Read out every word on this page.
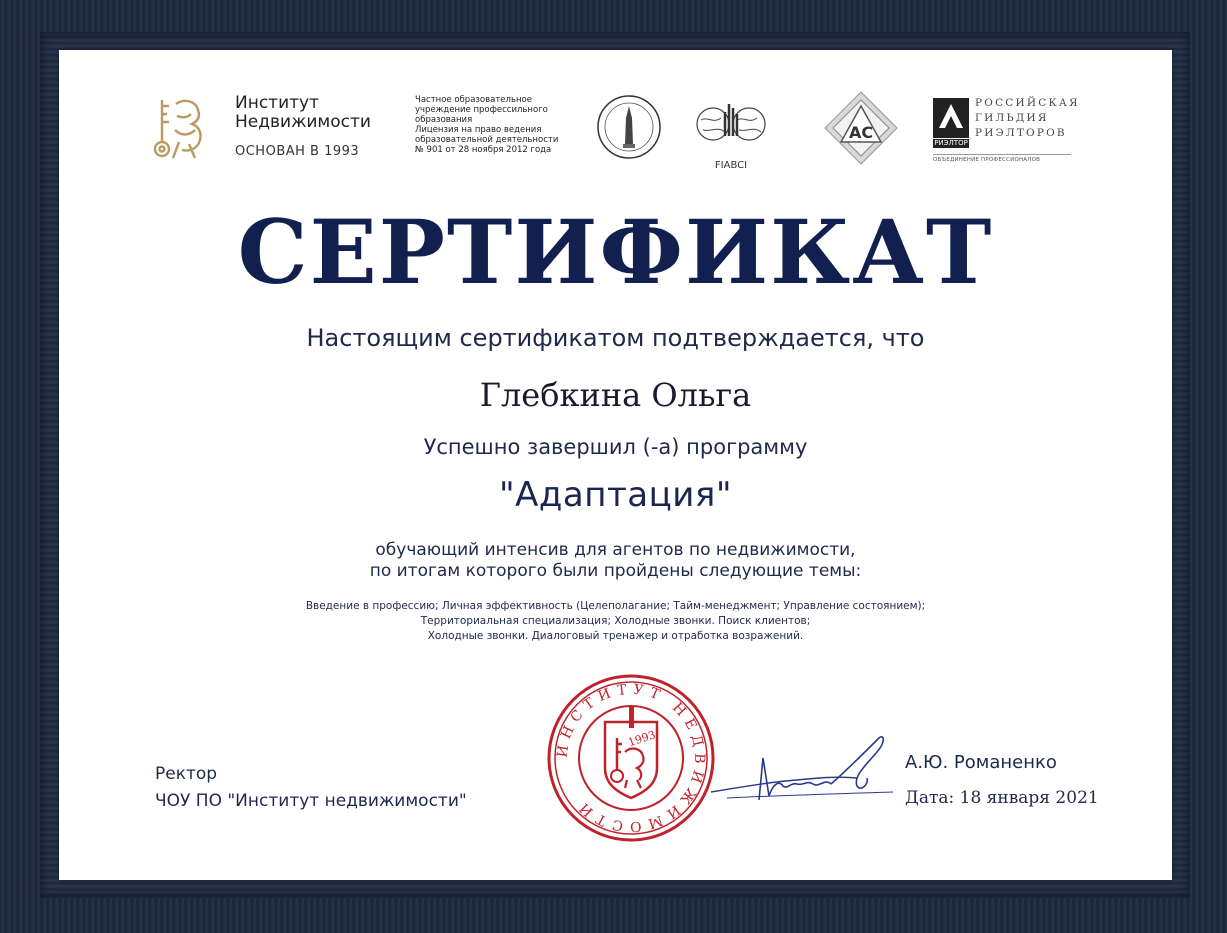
Институт
Недвижимости
ОСНОВАН В 1993
Частное образовательное
учреждение профессильного
образования
Лицензия на право ведения
образовательной деятельности
№ 901 от 28 ноября 2012 года
FIABCI
AC
РИЭЛТОР
РОССИЙСКАЯ
ГИЛЬДИЯ
РИЭЛТОРОВ
ОБЪЕДИНЕНИЕ ПРОФЕССИОНАЛОВ
СЕРТИФИКАТ
Настоящим сертификатом подтверждается, что
Глебкина Ольга
Успешно завершил (-а) программу
"Адаптация"
обучающий интенсив для агентов по недвижимости,
по итогам которого были пройдены следующие темы:
Введение в профессию; Личная эффективность (Целеполагание; Тайм-менеджмент; Управление состоянием);
Территориальная специализация; Холодные звонки. Поиск клиентов;
Холодные звонки. Диалоговый тренажер и отработка возражений.
Ректор
ЧОУ ПО "Институт недвижимости"
ИНСТИТУТ НЕДВИЖИМОСТИ
1993
А.Ю. Романенко
Дата: 18 января 2021
